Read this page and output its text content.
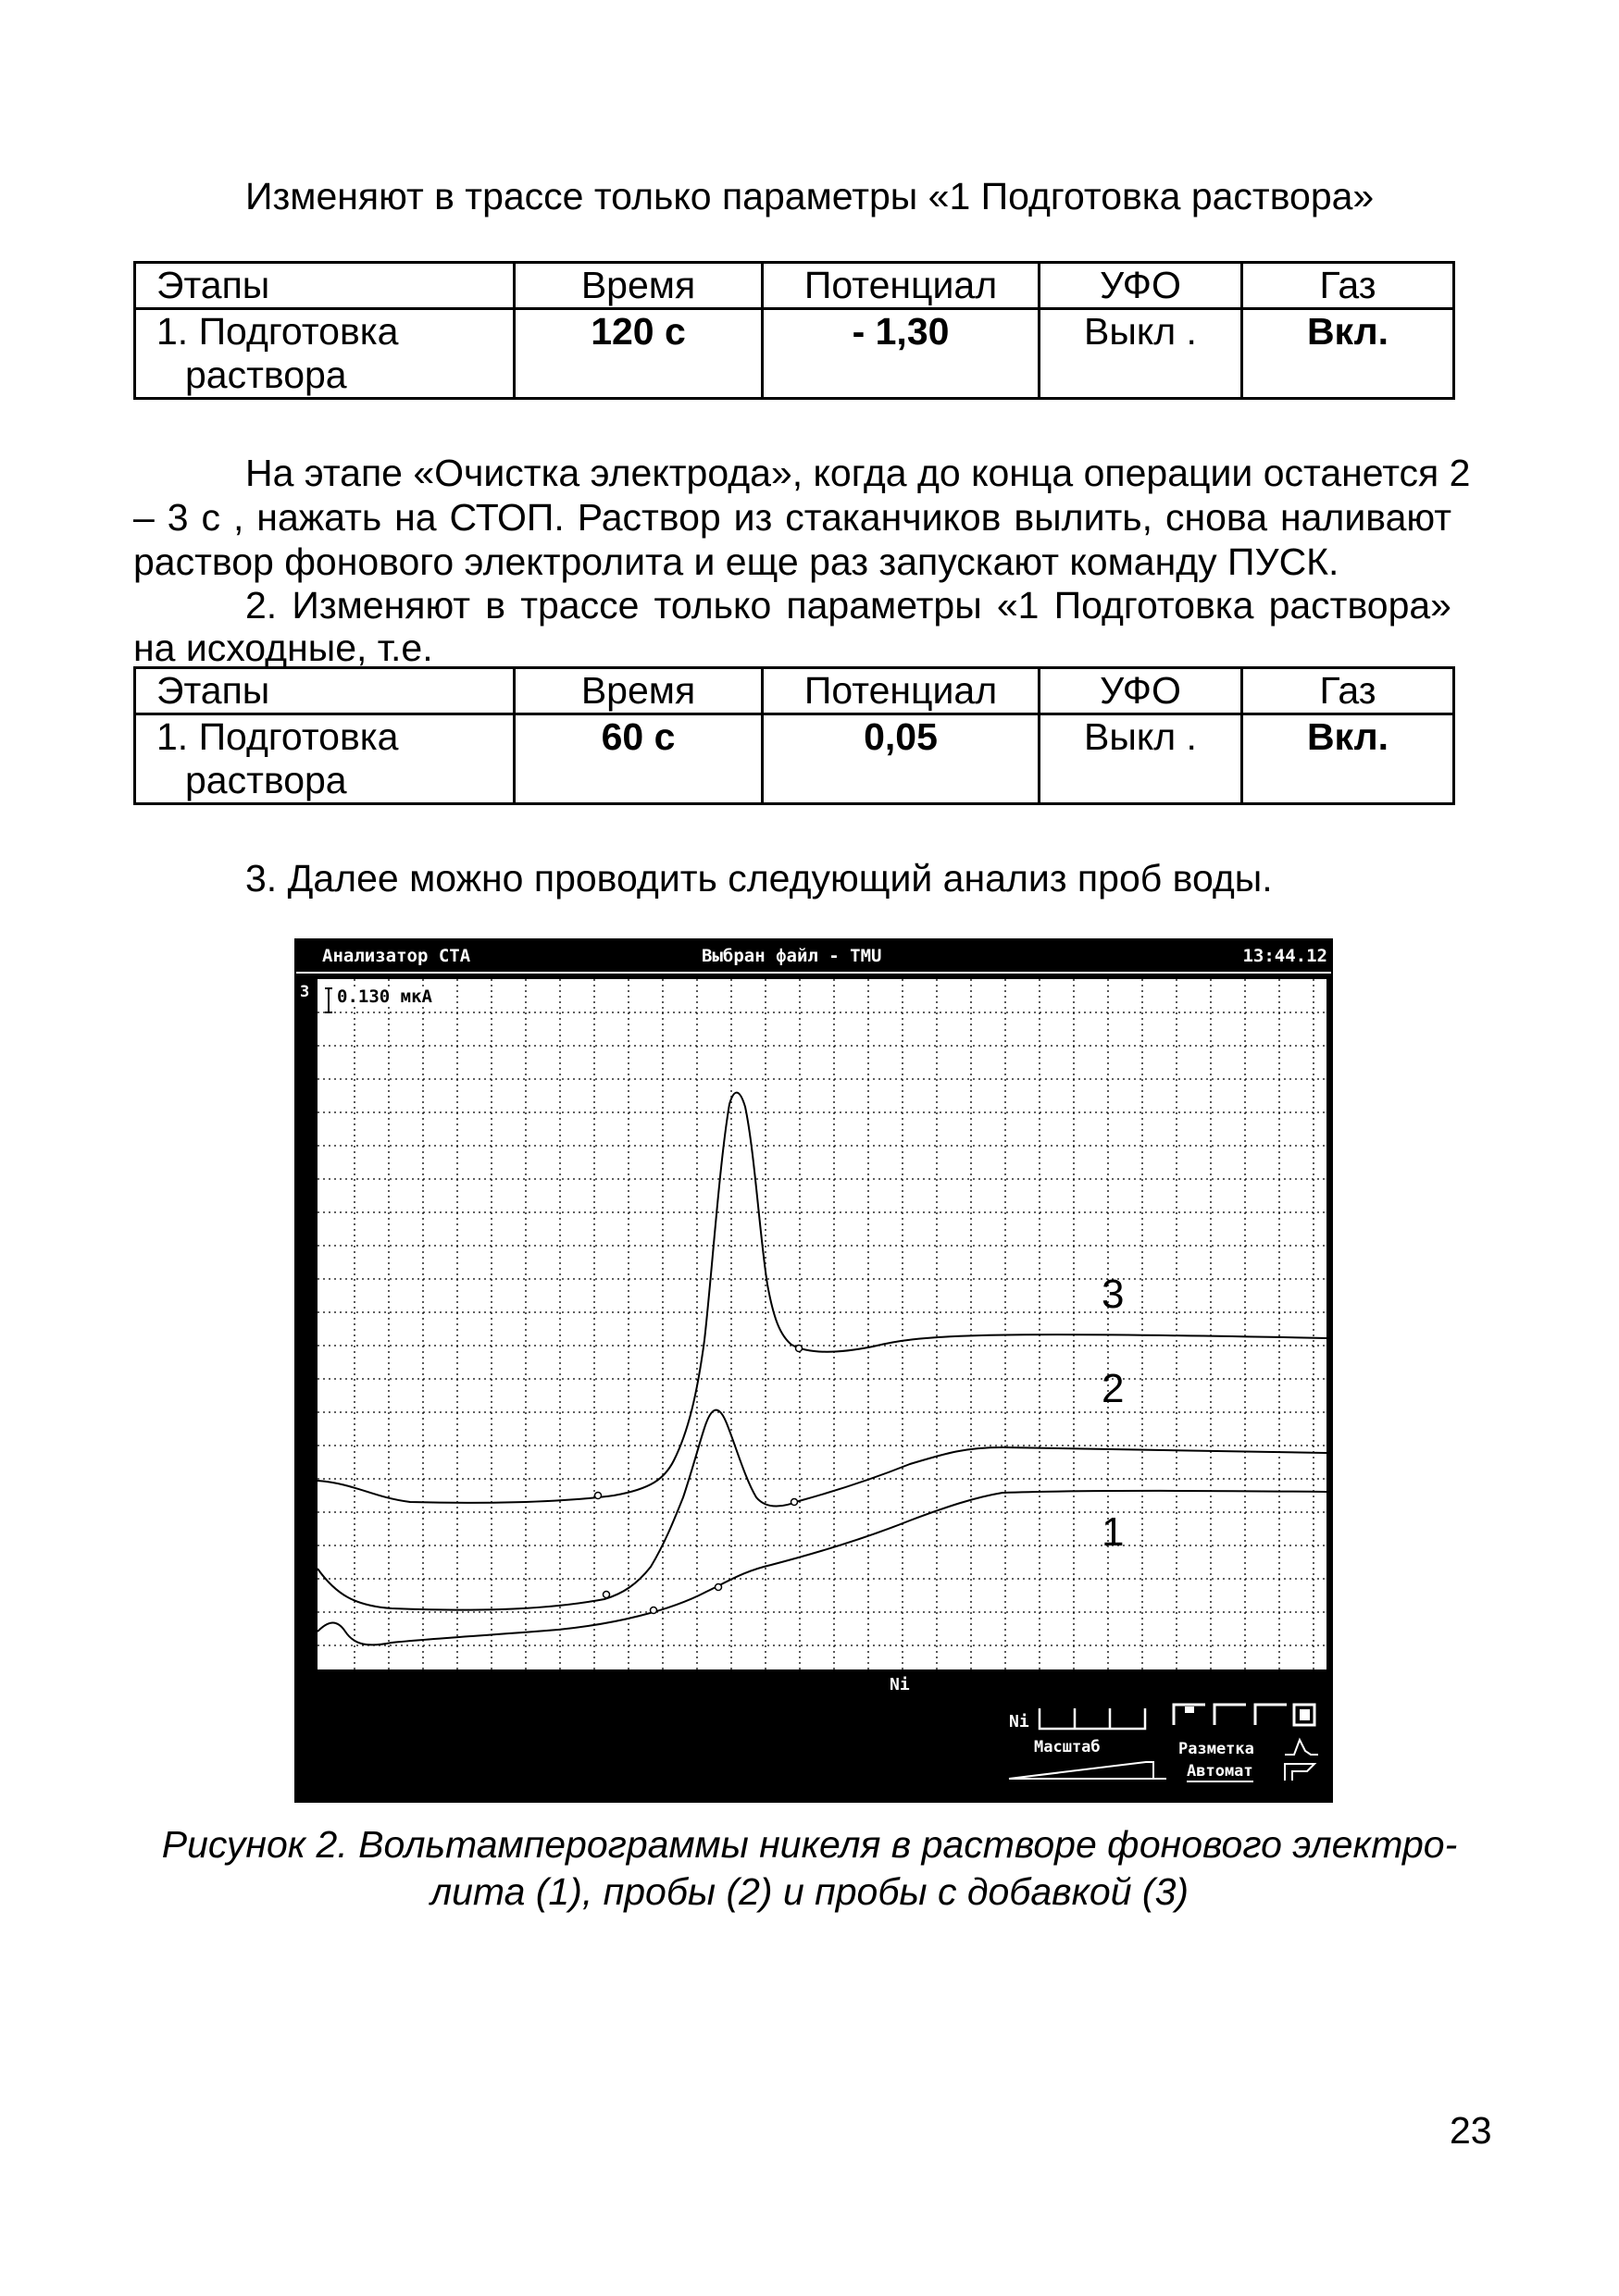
Изменяют в трассе только параметры «1 Подготовка раствора»
Этапы	Время	Потенциал	УФО	Газ

1. Подготовка
раствора	120 с	- 1,30	Выкл .	Вкл.
На этапе «Очистка электрода», когда до конца операции останется 2
– 3 с , нажать на СТОП. Раствор из стаканчиков вылить, снова наливают
раствор фонового электролита и еще раз запускают команду ПУСК.
2. Изменяют в трассе только параметры «1 Подготовка раствора»
на исходные, т.е.
Этапы	Время	Потенциал	УФО	Газ

1. Подготовка
раствора	60 с	0,05	Выкл .	Вкл.
3. Далее можно проводить следующий анализ проб воды.
Анализатор СТА	Выбран файл - TMU	13:44.12
3 0.130 мкА
Ni
Ni
Масштаб	Разметка
Автомат
3
2
1
Рисунок 2. Вольтамперограммы никеля в растворе фонового электро-
лита (1), пробы (2) и пробы с добавкой (3)
23
